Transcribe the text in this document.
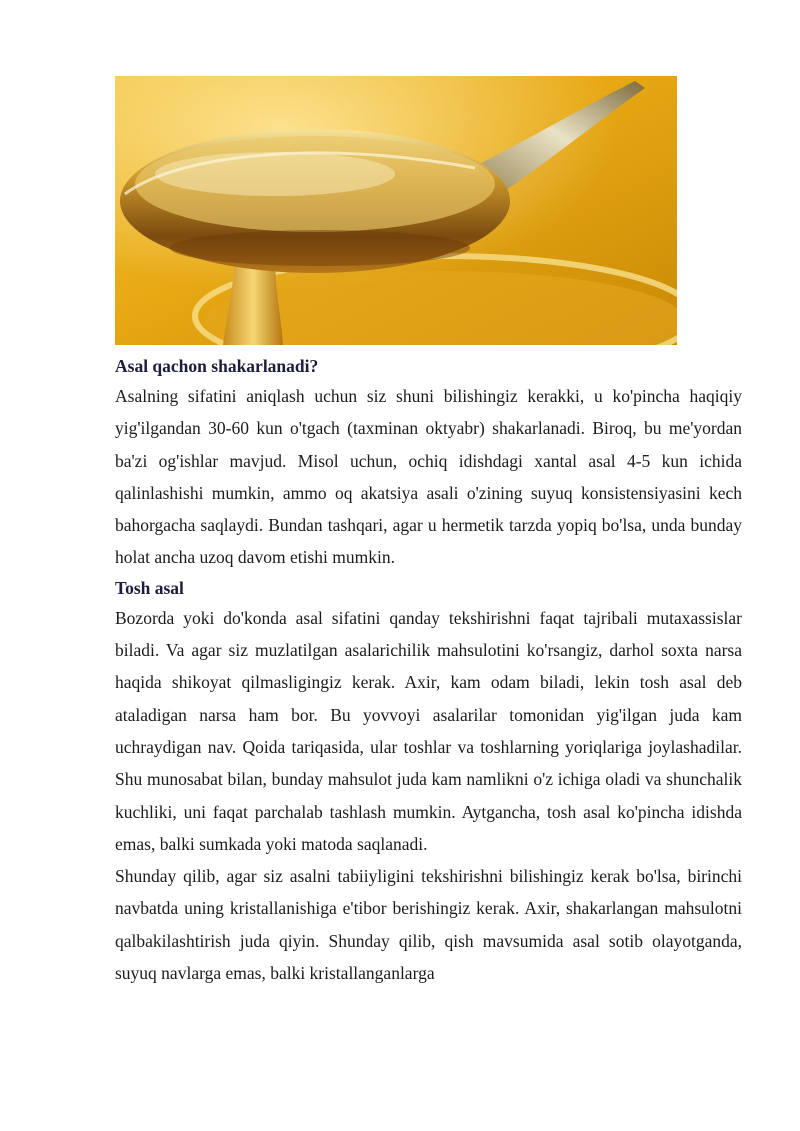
Asal qachon shakarlanadi?

Asalning sifatini aniqlash uchun siz shuni bilishingiz kerakki, u ko'pincha haqiqiy yig'ilgandan 30-60 kun o'tgach (taxminan oktyabr) shakarlanadi. Biroq, bu me'yordan ba'zi og'ishlar mavjud. Misol uchun, ochiq idishdagi xantal asal 4-5 kun ichida qalinlashishi mumkin, ammo oq akatsiya asali o'zining suyuq konsistensiyasini kech bahorgacha saqlaydi. Bundan tashqari, agar u hermetik tarzda yopiq bo'lsa, unda bunday holat ancha uzoq davom etishi mumkin.

Tosh asal

Bozorda yoki do'konda asal sifatini qanday tekshirishni faqat tajribali mutaxassislar biladi. Va agar siz muzlatilgan asalarichilik mahsulotini ko'rsangiz, darhol soxta narsa haqida shikoyat qilmasligingiz kerak. Axir, kam odam biladi, lekin tosh asal deb ataladigan narsa ham bor. Bu yovvoyi asalarilar tomonidan yig'ilgan juda kam uchraydigan nav. Qoida tariqasida, ular toshlar va toshlarning yoriqlariga joylashadilar. Shu munosabat bilan, bunday mahsulot juda kam namlikni o'z ichiga oladi va shunchalik kuchliki, uni faqat parchalab tashlash mumkin. Aytgancha, tosh asal ko'pincha idishda emas, balki sumkada yoki matoda saqlanadi.

Shunday qilib, agar siz asalni tabiiyligini tekshirishni bilishingiz kerak bo'lsa, birinchi navbatda uning kristallanishiga e'tibor berishingiz kerak. Axir, shakarlangan mahsulotni qalbakilashtirish juda qiyin. Shunday qilib, qish mavsumida asal sotib olayotganda, suyuq navlarga emas, balki kristallanganlarga
